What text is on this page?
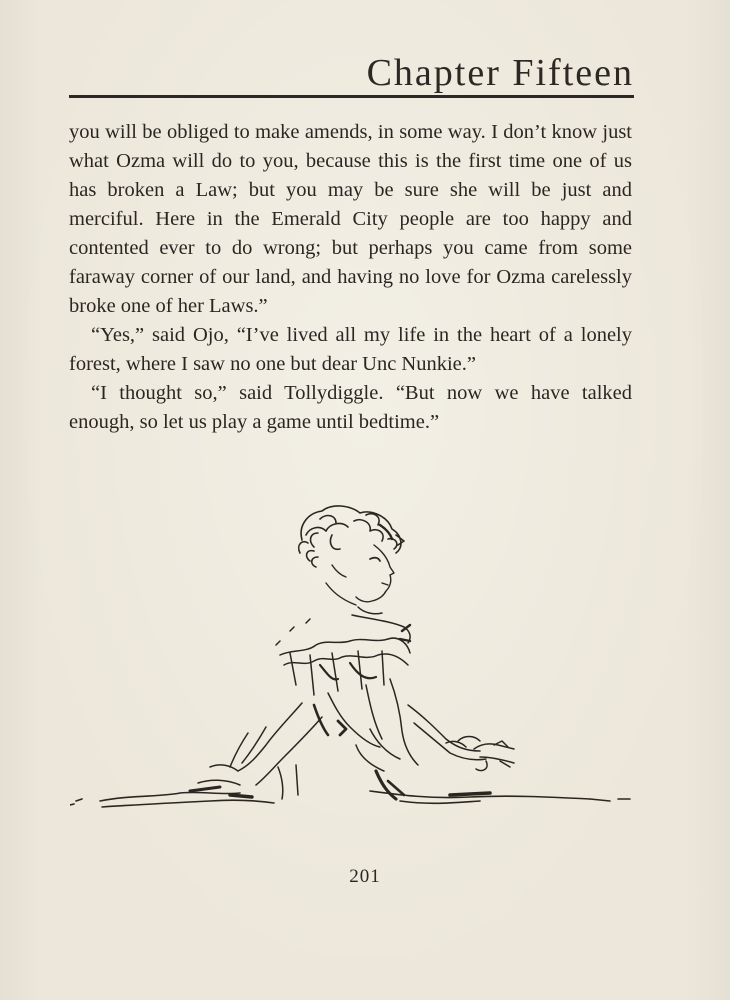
Chapter Fifteen

you will be obliged to make amends, in some way. I don’t know just what Ozma will do to you, because this is the first time one of us has broken a Law; but you may be sure she will be just and merciful. Here in the Emerald City people are too happy and contented ever to do wrong; but perhaps you came from some faraway corner of our land, and having no love for Ozma carelessly broke one of her Laws.”

“Yes,” said Ojo, “I’ve lived all my life in the heart of a lonely forest, where I saw no one but dear Unc Nunkie.”

“I thought so,” said Tollydiggle. “But now we have talked enough, so let us play a game until bedtime.”

201
